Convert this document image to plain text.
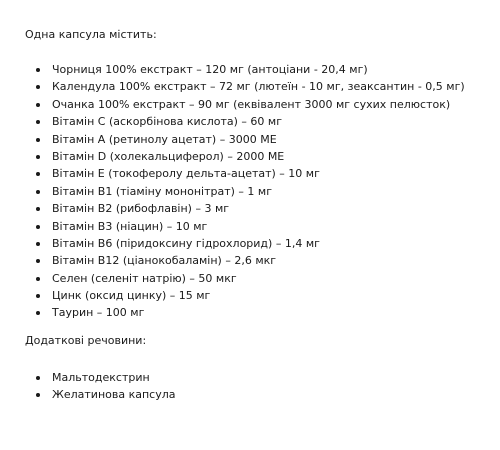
Одна капсула містить:

Чорниця 100% екстракт – 120 мг (антоціани - 20,4 мг)
Календула 100% екстракт – 72 мг (лютеїн - 10 мг, зеаксантин - 0,5 мг)
Очанка 100% екстракт – 90 мг (еквівалент 3000 мг сухих пелюсток)
Вітамін C (аскорбінова кислота) – 60 мг
Вітамін A (ретинолу ацетат) – 3000 МЕ
Вітамін D (холекальциферол) – 2000 МЕ
Вітамін E (токоферолу дельта-ацетат) – 10 мг
Вітамін B1 (тіаміну мононітрат) – 1 мг
Вітамін B2 (рибофлавін) – 3 мг
Вітамін B3 (ніацин) – 10 мг
Вітамін B6 (піридоксину гідрохлорид) – 1,4 мг
Вітамін B12 (ціанокобаламін) – 2,6 мкг
Селен (селеніт натрію) – 50 мкг
Цинк (оксид цинку) – 15 мг
Таурин – 100 мг

Додаткові речовини:

Мальтодекстрин
Желатинова капсула
